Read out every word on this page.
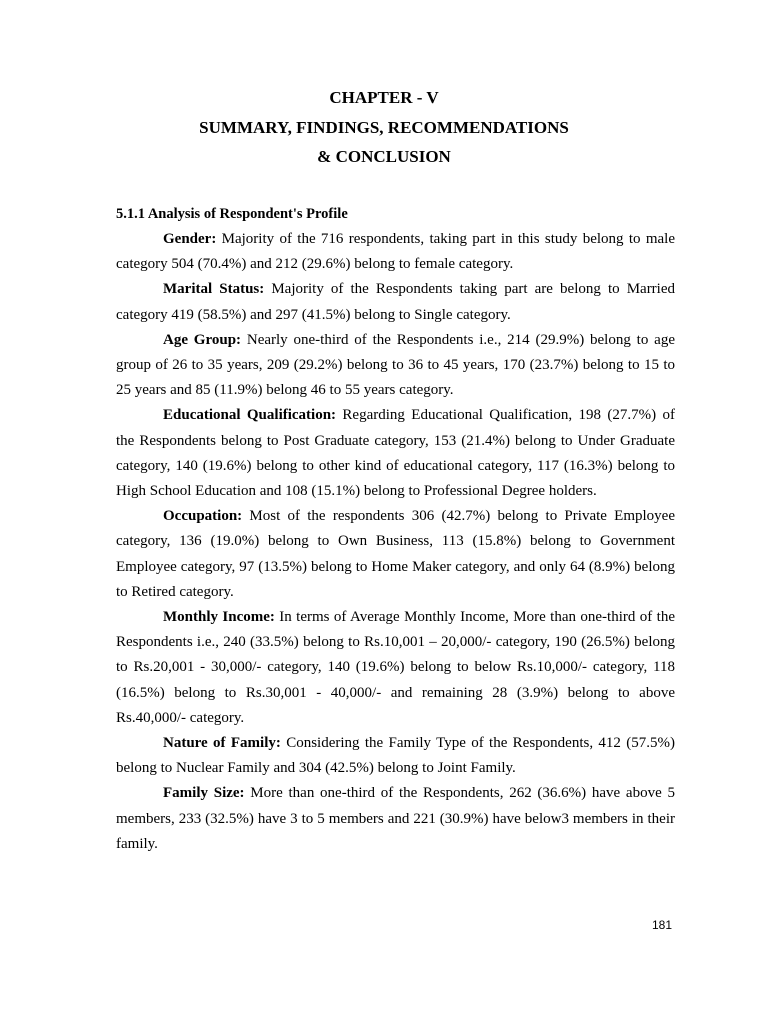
CHAPTER - V
SUMMARY, FINDINGS, RECOMMENDATIONS
& CONCLUSION
5.1.1 Analysis of Respondent's Profile

Gender: Majority of the 716 respondents, taking part in this study belong to male category 504 (70.4%) and 212 (29.6%) belong to female category.

Marital Status: Majority of the Respondents taking part are belong to Married category 419 (58.5%) and 297 (41.5%) belong to Single category.

Age Group: Nearly one-third of the Respondents i.e., 214 (29.9%) belong to age group of 26 to 35 years, 209 (29.2%) belong to 36 to 45 years, 170 (23.7%) belong to 15 to 25 years and 85 (11.9%) belong 46 to 55 years category.

Educational Qualification: Regarding Educational Qualification, 198 (27.7%) of the Respondents belong to Post Graduate category, 153 (21.4%) belong to Under Graduate category, 140 (19.6%) belong to other kind of educational category, 117 (16.3%) belong to High School Education and 108 (15.1%) belong to Professional Degree holders.

Occupation: Most of the respondents 306 (42.7%) belong to Private Employee category, 136 (19.0%) belong to Own Business, 113 (15.8%) belong to Government Employee category, 97 (13.5%) belong to Home Maker category, and only 64 (8.9%) belong to Retired category.

Monthly Income: In terms of Average Monthly Income, More than one-third of the Respondents i.e., 240 (33.5%) belong to Rs.10,001 – 20,000/- category, 190 (26.5%) belong to Rs.20,001 - 30,000/- category, 140 (19.6%) belong to below Rs.10,000/- category, 118 (16.5%) belong to Rs.30,001 - 40,000/- and remaining 28 (3.9%) belong to above Rs.40,000/- category.

Nature of Family: Considering the Family Type of the Respondents, 412 (57.5%) belong to Nuclear Family and 304 (42.5%) belong to Joint Family.

Family Size: More than one-third of the Respondents, 262 (36.6%) have above 5 members, 233 (32.5%) have 3 to 5 members and 221 (30.9%) have below3 members in their family.

181
